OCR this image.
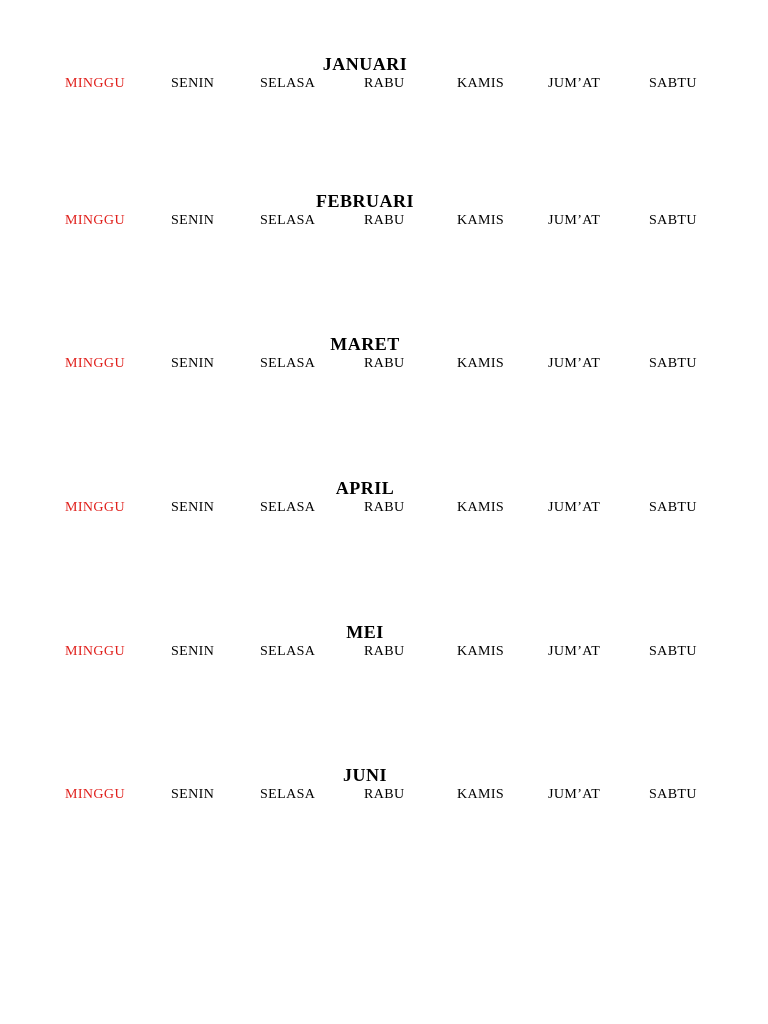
JANUARI
MINGGU	SENIN	SELASA	RABU	KAMIS	JUM’AT	SABTU
FEBRUARI
MINGGU	SENIN	SELASA	RABU	KAMIS	JUM’AT	SABTU
MARET
MINGGU	SENIN	SELASA	RABU	KAMIS	JUM’AT	SABTU
APRIL
MINGGU	SENIN	SELASA	RABU	KAMIS	JUM’AT	SABTU
MEI
MINGGU	SENIN	SELASA	RABU	KAMIS	JUM’AT	SABTU
JUNI
MINGGU	SENIN	SELASA	RABU	KAMIS	JUM’AT	SABTU
